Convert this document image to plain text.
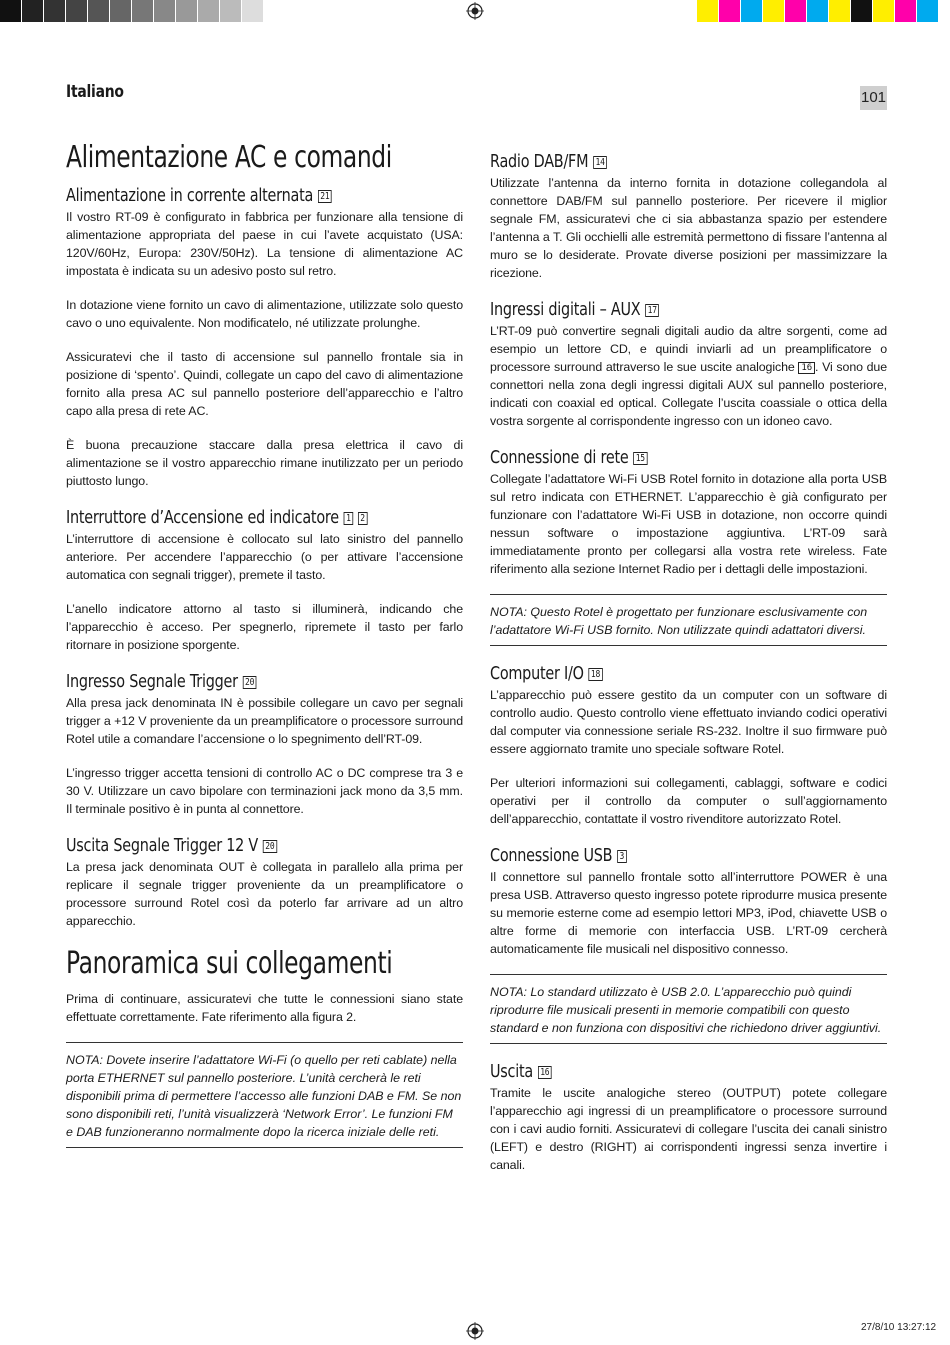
Italiano	101
Alimentazione AC e comandi
Alimentazione in corrente alternata 21

Il vostro RT-09 è configurato in fabbrica per funzionare alla tensione di alimentazione appropriata del paese in cui l’avete acquistato (USA: 120V/60Hz, Europa: 230V/50Hz). La tensione di alimentazione AC impostata è indicata su un adesivo posto sul retro.

In dotazione viene fornito un cavo di alimentazione, utilizzate solo questo cavo o uno equivalente. Non modificatelo, né utilizzate prolunghe.

Assicuratevi che il tasto di accensione sul pannello frontale sia in posizione di ‘spento’. Quindi, collegate un capo del cavo di alimentazione fornito alla presa AC sul pannello posteriore dell’apparecchio e l’altro capo alla presa di rete AC.

È buona precauzione staccare dalla presa elettrica il cavo di alimentazione se il vostro apparecchio rimane inutilizzato per un periodo piuttosto lungo.

Interruttore d’Accensione ed indicatore 1 2

L’interruttore di accensione è collocato sul lato sinistro del pannello anteriore. Per accendere l’apparecchio (o per attivare l’accensione automatica con segnali trigger), premete il tasto.

L’anello indicatore attorno al tasto si illuminerà, indicando che l’apparecchio è acceso. Per spegnerlo, ripremete il tasto per farlo ritornare in posizione sporgente.

Ingresso Segnale Trigger 20

Alla presa jack denominata IN è possibile collegare un cavo per segnali trigger a +12 V proveniente da un preamplificatore o processore surround Rotel utile a comandare l’accensione o lo spegnimento dell’RT-09.

L’ingresso trigger accetta tensioni di controllo AC o DC comprese tra 3 e 30 V. Utilizzare un cavo bipolare con terminazioni jack mono da 3,5 mm. Il terminale positivo è in punta al connettore.

Uscita Segnale Trigger 12 V 20

La presa jack denominata OUT è collegata in parallelo alla prima per replicare il segnale trigger proveniente da un preamplificatore o processore surround Rotel così da poterlo far arrivare ad un altro apparecchio.

Panoramica sui collegamenti

Prima di continuare, assicuratevi che tutte le connessioni siano state effettuate correttamente. Fate riferimento alla figura 2.

NOTA: Dovete inserire l’adattatore Wi-Fi (o quello per reti cablate) nella porta ETHERNET sul pannello posteriore. L’unità cercherà le reti disponibili prima di permettere l’accesso alle funzioni DAB e FM. Se non sono disponibili reti, l’unità visualizzerà ‘Network Error’. Le funzioni FM e DAB funzioneranno normalmente dopo la ricerca iniziale delle reti.

Radio DAB/FM 14

Utilizzate l’antenna da interno fornita in dotazione collegandola al connettore DAB/FM sul pannello posteriore. Per ricevere il miglior segnale FM, assicuratevi che ci sia abbastanza spazio per estendere l’antenna a T. Gli occhielli alle estremità permettono di fissare l’antenna al muro se lo desiderate. Provate diverse posizioni per massimizzare la ricezione.

Ingressi digitali – AUX 17

L’RT-09 può convertire segnali digitali audio da altre sorgenti, come ad esempio un lettore CD, e quindi inviarli ad un preamplificatore o processore surround attraverso le sue uscite analogiche 16 . Vi sono due connettori nella zona degli ingressi digitali AUX sul pannello posteriore, indicati con coaxial ed optical. Collegate l’uscita coassiale o ottica della vostra sorgente al corrispondente ingresso con un idoneo cavo.

Connessione di rete 15

Collegate l’adattatore Wi-Fi USB Rotel fornito in dotazione alla porta USB sul retro indicata con ETHERNET. L’apparecchio è già configurato per funzionare con l’adattatore Wi-Fi USB in dotazione, non occorre quindi nessun software o impostazione aggiuntiva. L’RT-09 sarà immediatamente pronto per collegarsi alla vostra rete wireless. Fate riferimento alla sezione Internet Radio per i dettagli delle impostazioni.

NOTA: Questo Rotel è progettato per funzionare esclusivamente con l’adattatore Wi-Fi USB fornito. Non utilizzate quindi adattatori diversi.

Computer I/O 18

L’apparecchio può essere gestito da un computer con un software di controllo audio. Questo controllo viene effettuato inviando codici operativi dal computer via connessione seriale RS-232. Inoltre il suo firmware può essere aggiornato tramite uno speciale software Rotel.

Per ulteriori informazioni sui collegamenti, cablaggi, software e codici operativi per il controllo da computer o sull’aggiornamento dell’apparecchio, contattate il vostro rivenditore autorizzato Rotel.

Connessione USB 3

Il connettore sul pannello frontale sotto all’interruttore POWER è una presa USB. Attraverso questo ingresso potete riprodurre musica presente su memorie esterne come ad esempio lettori MP3, iPod, chiavette USB o altre forme di memorie con interfaccia USB. L’RT-09 cercherà automaticamente file musicali nel dispositivo connesso.

NOTA: Lo standard utilizzato è USB 2.0. L’apparecchio può quindi riprodurre file musicali presenti in memorie compatibili con questo standard e non funziona con dispositivi che richiedono driver aggiuntivi.

Uscita 16

Tramite le uscite analogiche stereo (OUTPUT) potete collegare l’apparecchio agi ingressi di un preamplificatore o processore surround con i cavi audio forniti. Assicuratevi di collegare l’uscita dei canali sinistro (LEFT) e destro (RIGHT) ai corrispondenti ingressi senza invertire i canali.

27/8/10 13:27:12
